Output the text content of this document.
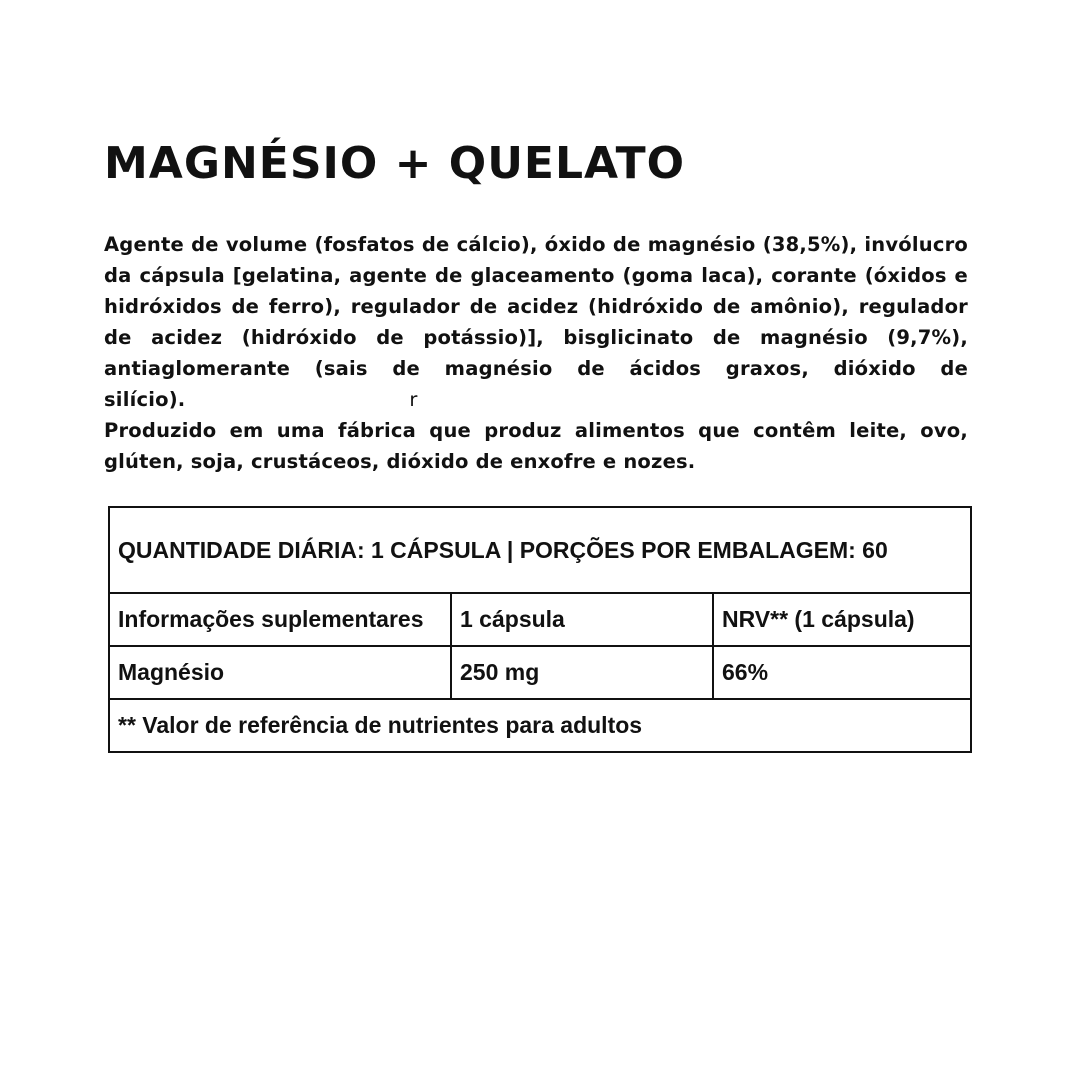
MAGNÉSIO + QUELATO

Agente de volume (fosfatos de cálcio), óxido de magnésio (38,5%), invólucro da cápsula [gelatina, agente de glaceamento (goma laca), corante (óxidos e hidróxidos de ferro), regulador de acidez (hidróxido de amônio), regulador de acidez (hidróxido de potássio)], bisglicinato de magnésio (9,7%), antiaglomerante (sais de magnésio de ácidos graxos, dióxido de silício).	r

Produzido em uma fábrica que produz alimentos que contêm leite, ovo, glúten, soja, crustáceos, dióxido de enxofre e nozes.

QUANTIDADE DIÁRIA: 1 CÁPSULA | PORÇÕES POR EMBALAGEM: 60		
Informações suplementares	1 cápsula	NRV** (1 cápsula)
Magnésio	250 mg	66%
** Valor de referência de nutrientes para adultos		
